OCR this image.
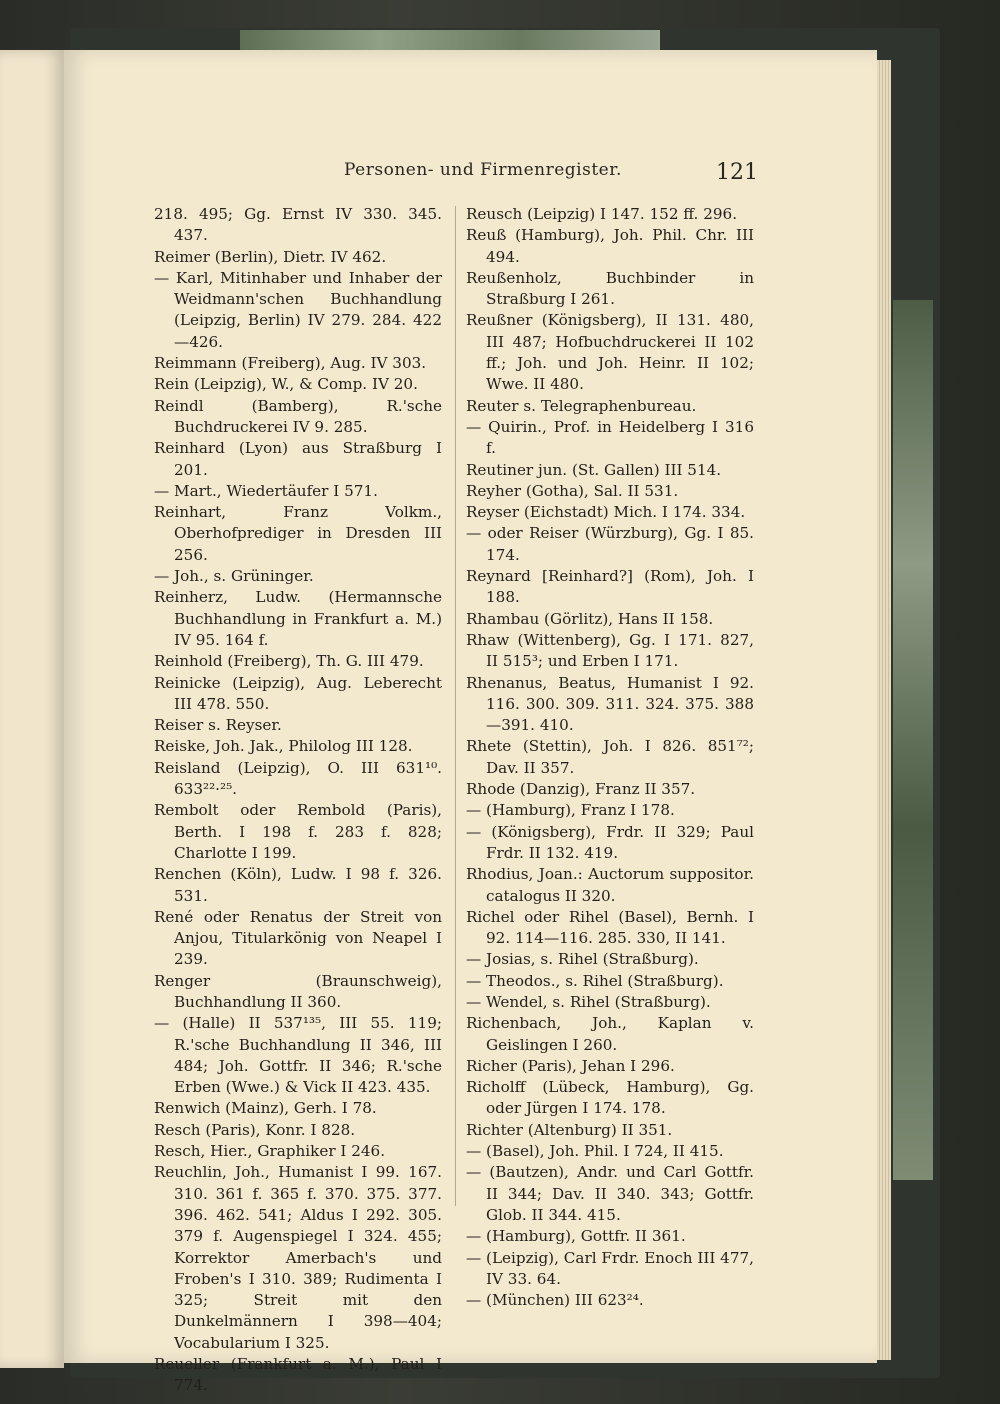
Personen- und Firmenregister.	121
218. 495; Gg. Ernst IV 330. 345. 437.
Reimer (Berlin), Dietr. IV 462.
— Karl, Mitinhaber und Inhaber der Weidmann'schen Buchhandlung (Leipzig, Berlin) IV 279. 284. 422—426.
Reimmann (Freiberg), Aug. IV 303.
Rein (Leipzig), W., & Comp. IV 20.
Reindl (Bamberg), R.'sche Buchdruckerei IV 9. 285.
Reinhard (Lyon) aus Straßburg I 201.
— Mart., Wiedertäufer I 571.
Reinhart, Franz Volkm., Oberhofprediger in Dresden III 256.
— Joh., s. Grüninger.
Reinherz, Ludw. (Hermannsche Buchhandlung in Frankfurt a. M.) IV 95. 164 f.
Reinhold (Freiberg), Th. G. III 479.
Reinicke (Leipzig), Aug. Leberecht III 478. 550.
Reiser s. Reyser.
Reiske, Joh. Jak., Philolog III 128.
Reisland (Leipzig), O. III 631¹⁰. 633²²·²⁵.
Rembolt oder Rembold (Paris), Berth. I 198 f. 283 f. 828; Charlotte I 199.
Renchen (Köln), Ludw. I 98 f. 326. 531.
René oder Renatus der Streit von Anjou, Titularkönig von Neapel I 239.
Renger (Braunschweig), Buchhandlung II 360.
— (Halle) II 537¹³⁵, III 55. 119; R.'sche Buchhandlung II 346, III 484; Joh. Gottfr. II 346; R.'sche Erben (Wwe.) & Vick II 423. 435.
Renwich (Mainz), Gerh. I 78.
Resch (Paris), Konr. I 828.
Resch, Hier., Graphiker I 246.
Reuchlin, Joh., Humanist I 99. 167. 310. 361 f. 365 f. 370. 375. 377. 396. 462. 541; Aldus I 292. 305. 379 f. Augenspiegel I 324. 455; Korrektor Amerbach's und Froben's I 310. 389; Rudimenta I 325; Streit mit den Dunkelmännern I 398—404; Vocabularium I 325.
Reueller (Frankfurt a. M.), Paul I 774.
Reusch (Leipzig) I 147. 152 ff. 296.
Reuß (Hamburg), Joh. Phil. Chr. III 494.
Reußenholz, Buchbinder in Straßburg I 261.
Reußner (Königsberg), II 131. 480, III 487; Hofbuchdruckerei II 102 ff.; Joh. und Joh. Heinr. II 102; Wwe. II 480.
Reuter s. Telegraphenbureau.
— Quirin., Prof. in Heidelberg I 316 f.
Reutiner jun. (St. Gallen) III 514.
Reyher (Gotha), Sal. II 531.
Reyser (Eichstadt) Mich. I 174. 334.
— oder Reiser (Würzburg), Gg. I 85. 174.
Reynard [Reinhard?] (Rom), Joh. I 188.
Rhambau (Görlitz), Hans II 158.
Rhaw (Wittenberg), Gg. I 171. 827, II 515³; und Erben I 171.
Rhenanus, Beatus, Humanist I 92. 116. 300. 309. 311. 324. 375. 388—391. 410.
Rhete (Stettin), Joh. I 826. 851⁷²; Dav. II 357.
Rhode (Danzig), Franz II 357.
— (Hamburg), Franz I 178.
— (Königsberg), Frdr. II 329; Paul Frdr. II 132. 419.
Rhodius, Joan.: Auctorum suppositor. catalogus II 320.
Richel oder Rihel (Basel), Bernh. I 92. 114—116. 285. 330, II 141.
— Josias, s. Rihel (Straßburg).
— Theodos., s. Rihel (Straßburg).
— Wendel, s. Rihel (Straßburg).
Richenbach, Joh., Kaplan v. Geislingen I 260.
Richer (Paris), Jehan I 296.
Richolff (Lübeck, Hamburg), Gg. oder Jürgen I 174. 178.
Richter (Altenburg) II 351.
— (Basel), Joh. Phil. I 724, II 415.
— (Bautzen), Andr. und Carl Gottfr. II 344; Dav. II 340. 343; Gottfr. Glob. II 344. 415.
— (Hamburg), Gottfr. II 361.
— (Leipzig), Carl Frdr. Enoch III 477, IV 33. 64.
— (München) III 623²⁴.
